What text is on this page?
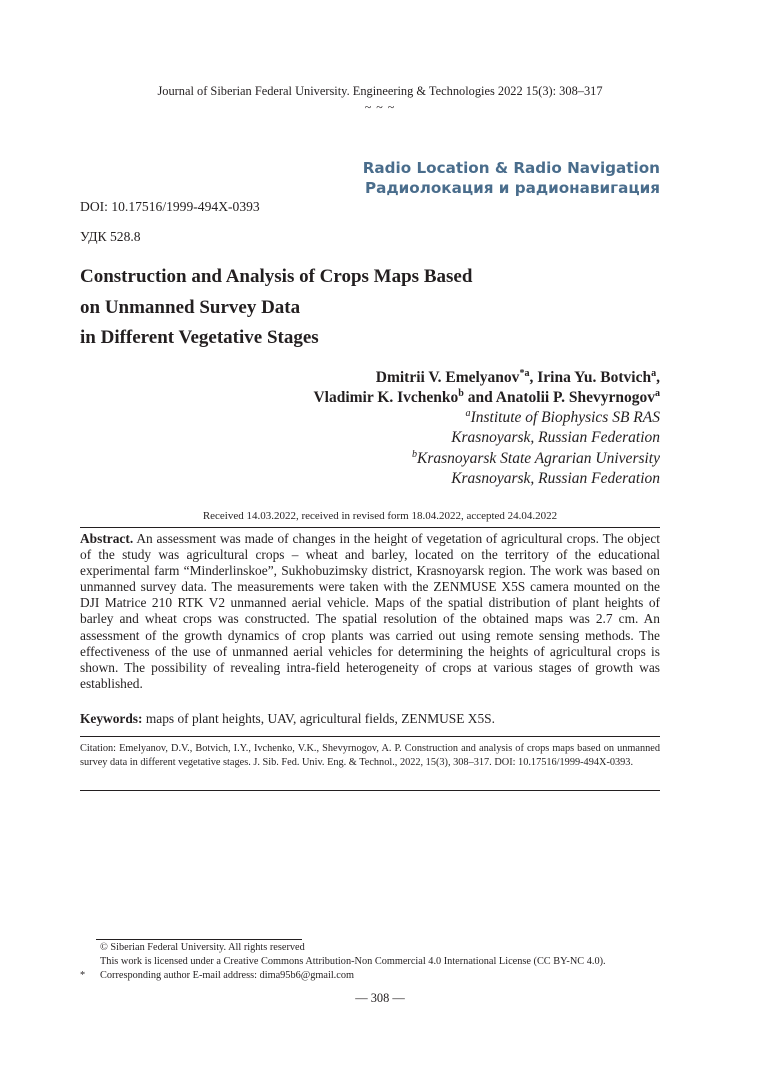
Journal of Siberian Federal University. Engineering & Technologies 2022 15(3): 308–317
~ ~ ~
Radio Location & Radio Navigation
Радиолокация и радионавигация
DOI: 10.17516/1999-494X-0393
УДК 528.8
Construction and Analysis of Crops Maps Based
on Unmanned Survey Data
in Different Vegetative Stages
Dmitrii V. Emelyanov$^{*a}$, Irina Yu. Botvich$^a$,
Vladimir K. Ivchenko$^b$ and Anatolii P. Shevyrnogov$^a$
$^a$Institute of Biophysics SB RAS
Krasnoyarsk, Russian Federation
$^b$Krasnoyarsk State Agrarian University
Krasnoyarsk, Russian Federation
Received 14.03.2022, received in revised form 18.04.2022, accepted 24.04.2022
Abstract. An assessment was made of changes in the height of vegetation of agricultural crops. The object of the study was agricultural crops – wheat and barley, located on the territory of the educational experimental farm “Minderlinskoe”, Sukhobuzimsky district, Krasnoyarsk region. The work was based on unmanned survey data. The measurements were taken with the ZENMUSE X5S camera mounted on the DJI Matrice 210 RTK V2 unmanned aerial vehicle. Maps of the spatial distribution of plant heights of barley and wheat crops was constructed. The spatial resolution of the obtained maps was 2.7 cm. An assessment of the growth dynamics of crop plants was carried out using remote sensing methods. The effectiveness of the use of unmanned aerial vehicles for determining the heights of agricultural crops is shown. The possibility of revealing intra-field heterogeneity of crops at various stages of growth was established.
Keywords: maps of plant heights, UAV, agricultural fields, ZENMUSE X5S.
Citation: Emelyanov, D.V., Botvich, I.Y., Ivchenko, V.K., Shevyrnogov, A. P. Construction and analysis of crops maps based on unmanned survey data in different vegetative stages. J. Sib. Fed. Univ. Eng. & Technol., 2022, 15(3), 308–317. DOI: 10.17516/1999-494X-0393.
© Siberian Federal University. All rights reserved
This work is licensed under a Creative Commons Attribution-Non Commercial 4.0 International License (CC BY-NC 4.0).
* Corresponding author E-mail address: dima95b6@gmail.com
— 308 —
